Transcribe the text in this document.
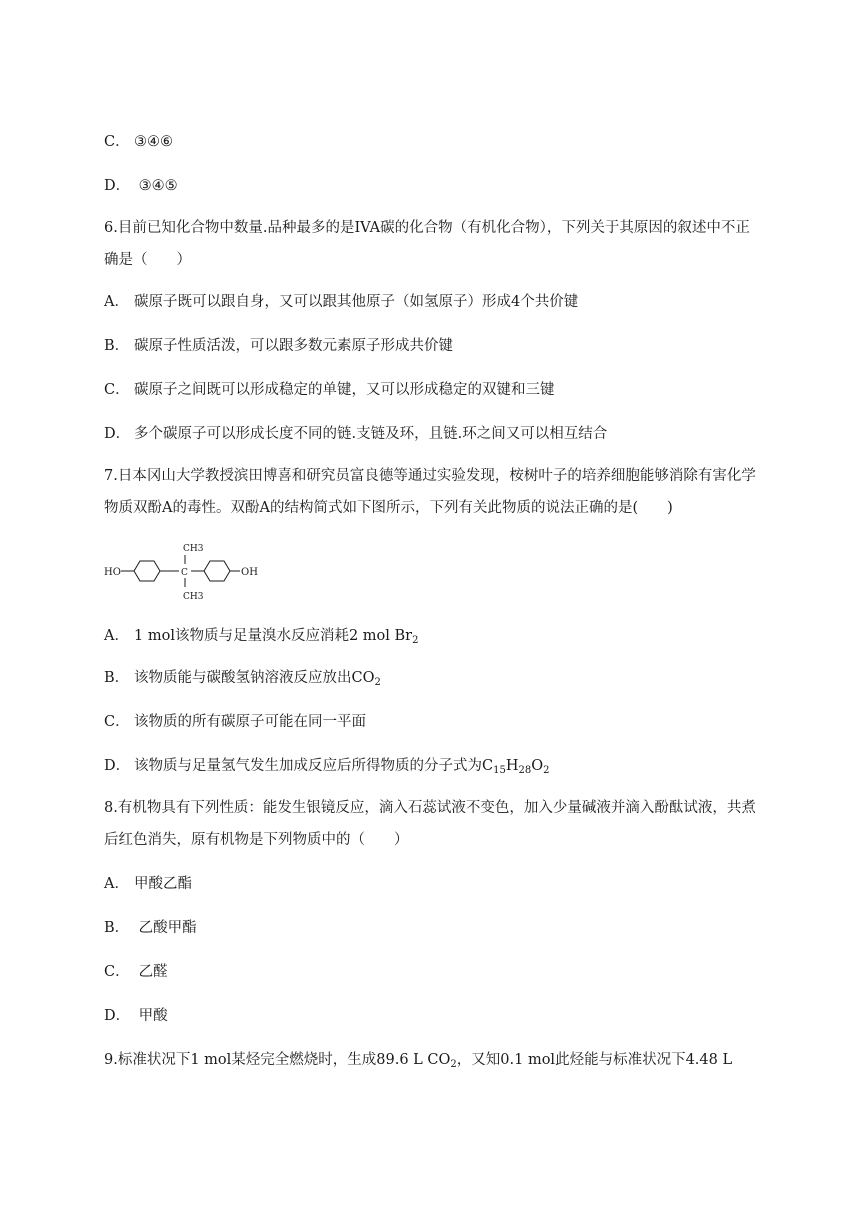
C． ③④⑥
D． ③④⑤
6.目前已知化合物中数量.品种最多的是IVA碳的化合物（有机化合物），下列关于其原因的叙述中不正确是（　　）
A． 碳原子既可以跟自身，又可以跟其他原子（如氢原子）形成4个共价键
B． 碳原子性质活泼，可以跟多数元素原子形成共价键
C． 碳原子之间既可以形成稳定的单键，又可以形成稳定的双键和三键
D． 多个碳原子可以形成长度不同的链.支链及环，且链.环之间又可以相互结合
7.日本冈山大学教授滨田博喜和研究员富良德等通过实验发现，桉树叶子的培养细胞能够消除有害化学物质双酚A的毒性。双酚A的结构简式如下图所示，下列有关此物质的说法正确的是(　　)
HO	OH
CH3
CH3
C
A． 1 mol该物质与足量溴水反应消耗2 mol $Br_2$
B． 该物质能与碳酸氢钠溶液反应放出$CO_2$
C． 该物质的所有碳原子可能在同一平面
D． 该物质与足量氢气发生加成反应后所得物质的分子式为$C_{15}H_{28}O_2$
8.有机物具有下列性质：能发生银镜反应，滴入石蕊试液不变色，加入少量碱液并滴入酚酞试液，共煮后红色消失，原有机物是下列物质中的（　　）
A． 甲酸乙酯
B． 乙酸甲酯
C． 乙醛
D． 甲酸
9.标准状况下1 mol某烃完全燃烧时，生成89.6 L $CO_2$，又知0.1 mol此烃能与标准状况下4.48 L
